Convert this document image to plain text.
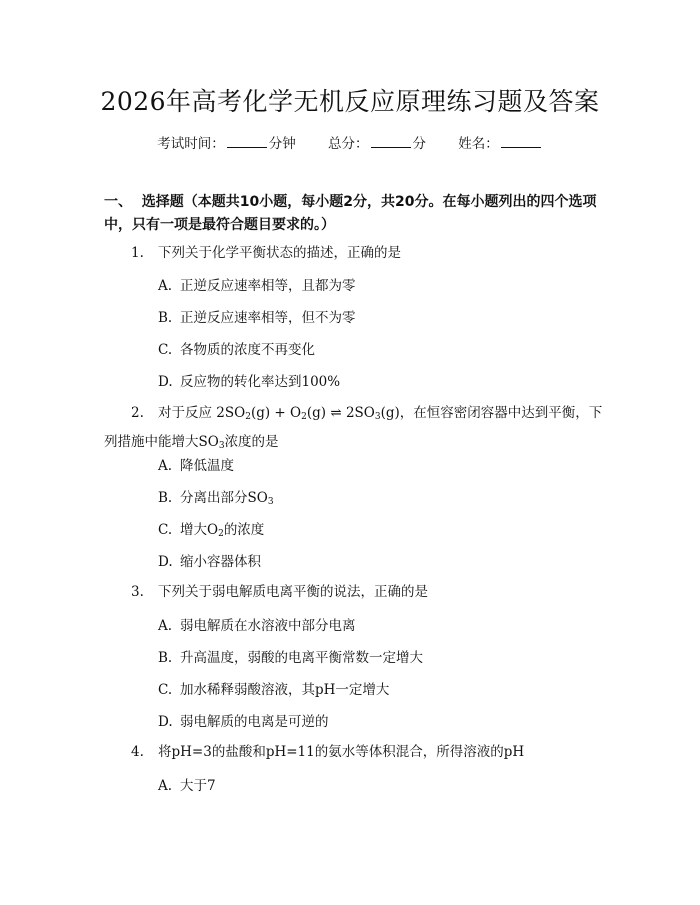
2026年高考化学无机反应原理练习题及答案
考试时间：	分钟 总分：	分 姓名：
一、 选择题（本题共10小题，每小题2分，共20分。在每小题列出的四个选项中，只有一项是最符合题目要求的。）
1. 下列关于化学平衡状态的描述，正确的是
A. 正逆反应速率相等，且都为零
B. 正逆反应速率相等，但不为零
C. 各物质的浓度不再变化
D. 反应物的转化率达到100%
2. 对于反应 $2SO_2(g) + O_2(g)$ ⇌ $2SO_3(g)$，在恒容密闭容器中达到平衡，下
列措施中能增大$SO_3$浓度的是
A. 降低温度
B. 分离出部分$SO_3$
C. 增大$O_2$的浓度
D. 缩小容器体积
3. 下列关于弱电解质电离平衡的说法，正确的是
A. 弱电解质在水溶液中部分电离
B. 升高温度，弱酸的电离平衡常数一定增大
C. 加水稀释弱酸溶液，其pH一定增大
D. 弱电解质的电离是可逆的
4. 将pH=3的盐酸和pH=11的氨水等体积混合，所得溶液的pH
A. 大于7
